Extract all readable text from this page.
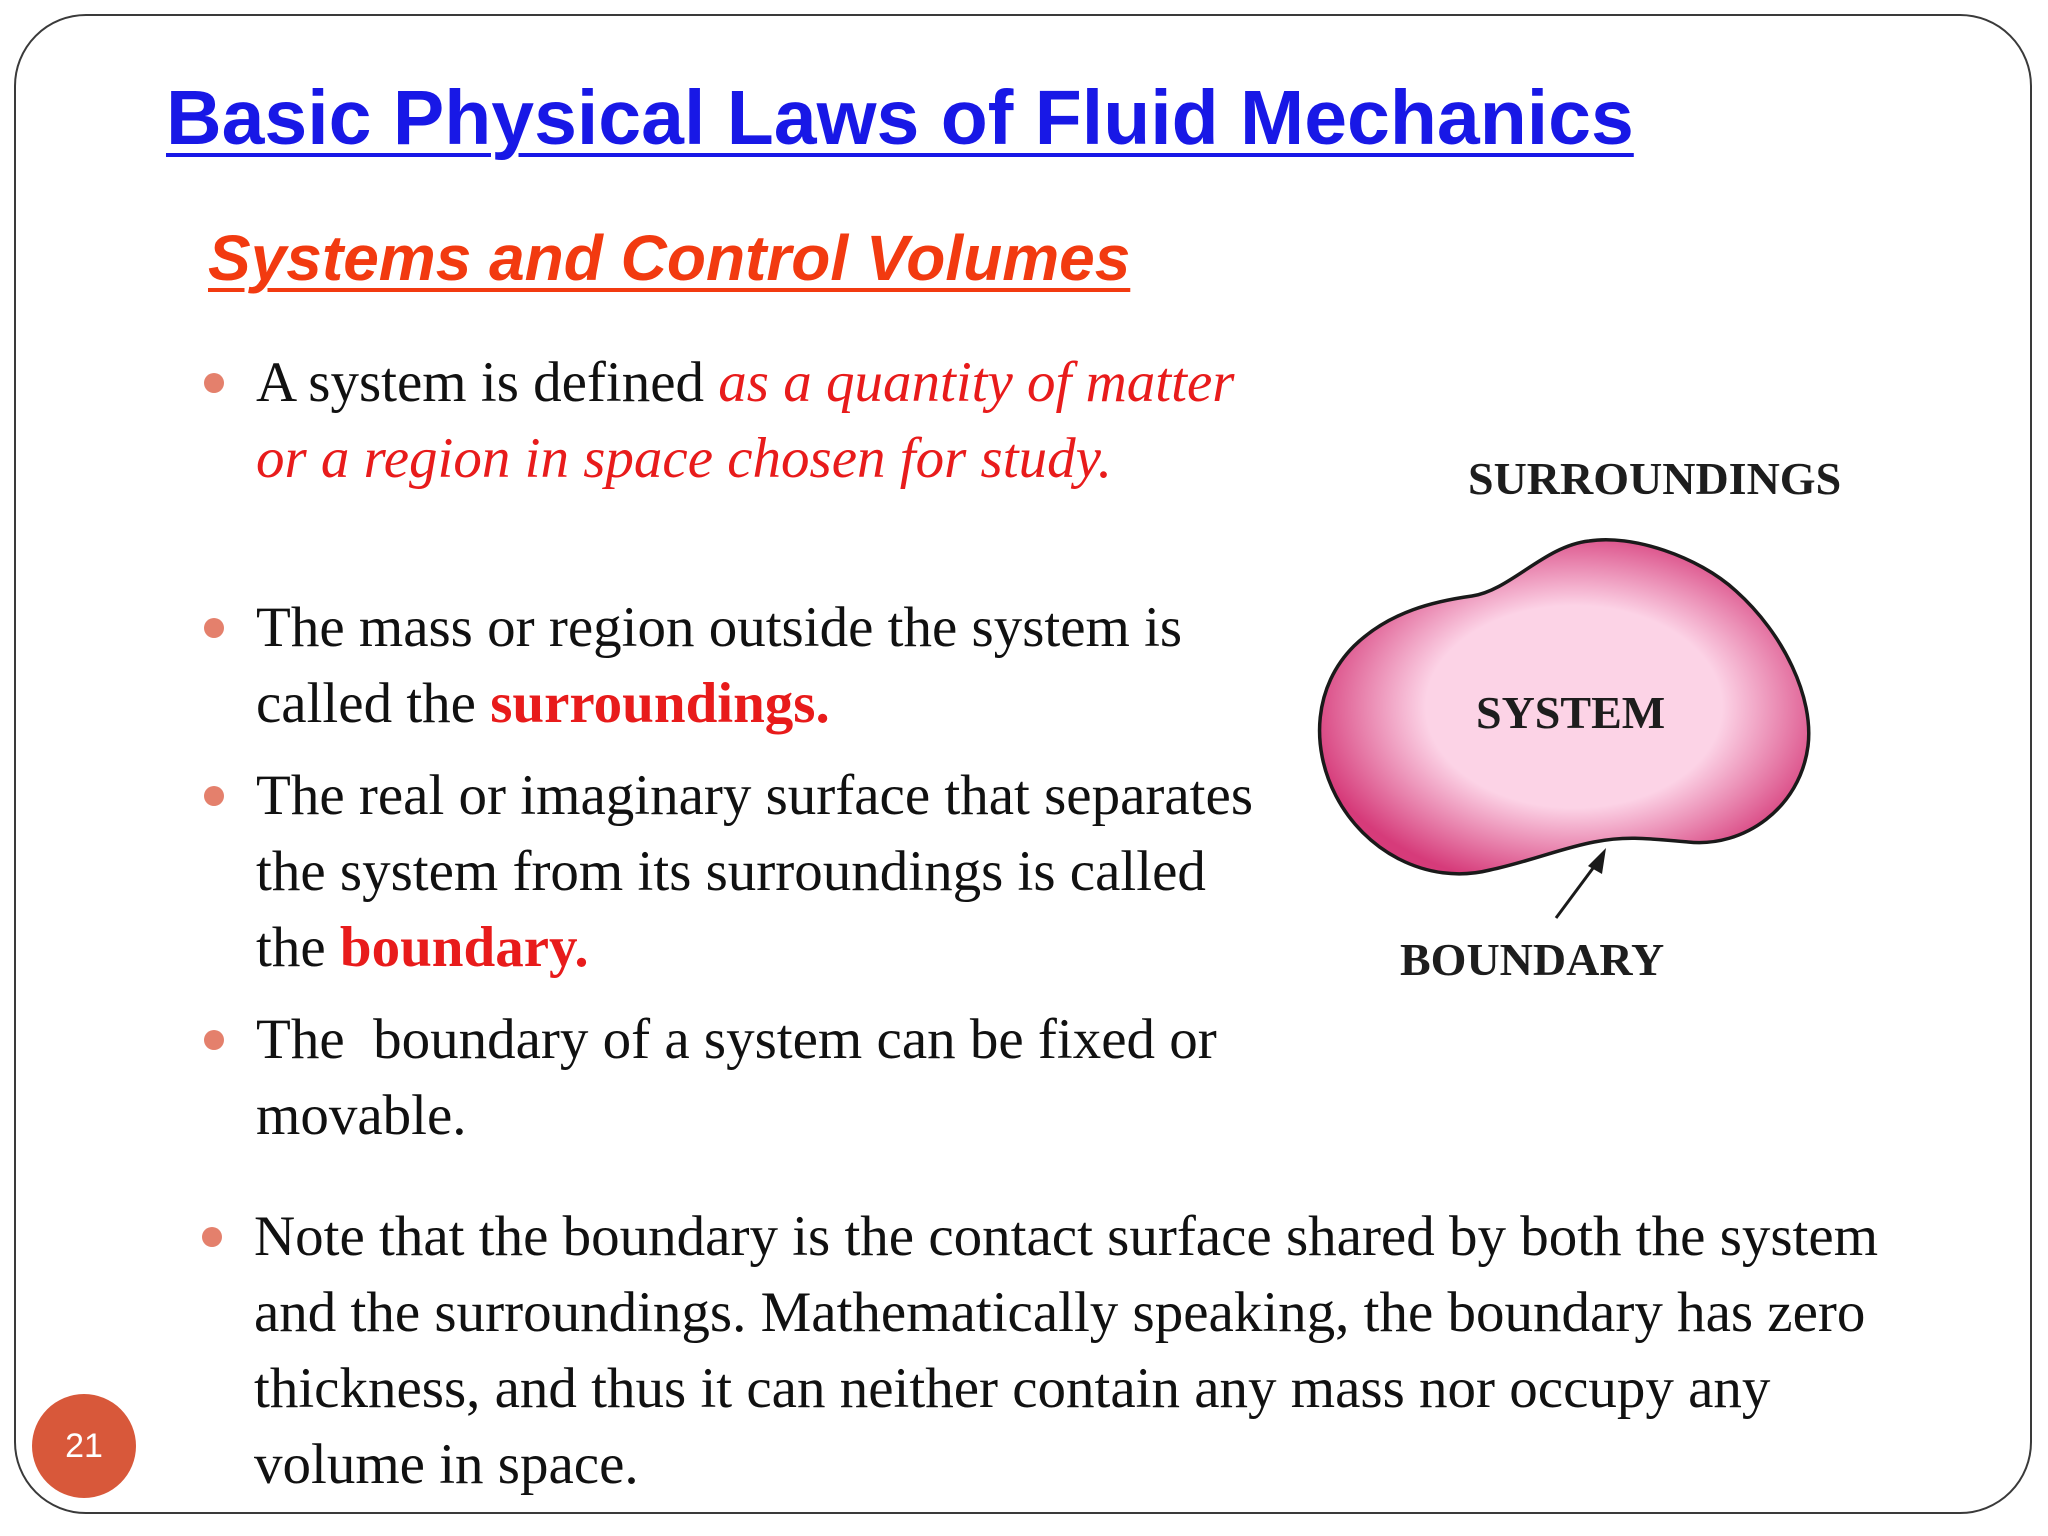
Basic Physical Laws of Fluid Mechanics
Systems and Control Volumes
A system is defined as a quantity of matter or a region in space chosen for study.
The mass or region outside the system is called the surroundings.
The real or imaginary surface that separates the system from its surroundings is called the boundary.
The  boundary of a system can be fixed or movable.
Note that the boundary is the contact surface shared by both the system and the surroundings. Mathematically speaking, the boundary has zero thickness, and thus it can neither contain any mass nor occupy any volume in space.
SURROUNDINGS
SYSTEM
BOUNDARY
21
